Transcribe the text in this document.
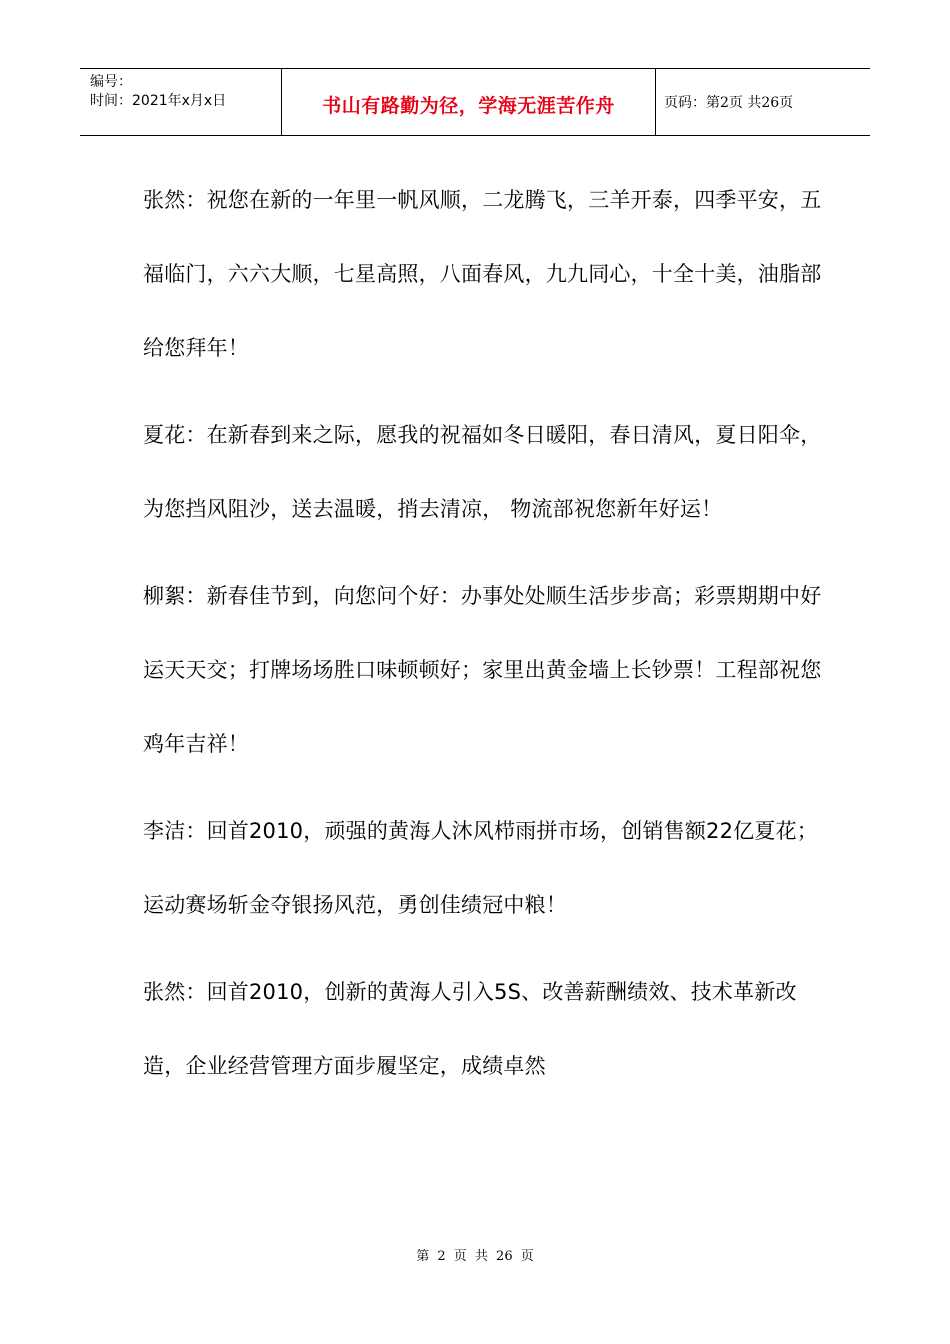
编号：
时间：2021年x月x日	书山有路勤为径，学海无涯苦作舟	页码：第2页 共26页

张然：祝您在新的一年里一帆风顺，二龙腾飞，三羊开泰，四季平安，五福临门，六六大顺，七星高照，八面春风，九九同心，十全十美，油脂部给您拜年！

夏花：在新春到来之际，愿我的祝福如冬日暖阳，春日清风，夏日阳伞，为您挡风阻沙，送去温暖，捎去清凉， 物流部祝您新年好运！

柳絮：新春佳节到，向您问个好：办事处处顺生活步步高；彩票期期中好运天天交；打牌场场胜口味顿顿好；家里出黄金墙上长钞票！工程部祝您鸡年吉祥！

李洁：回首2010，顽强的黄海人沐风栉雨拼市场，创销售额22亿夏花；运动赛场斩金夺银扬风范，勇创佳绩冠中粮！

张然：回首2010，创新的黄海人引入5S、改善薪酬绩效、技术革新改造，企业经营管理方面步履坚定，成绩卓然

第 2 页 共 26 页
